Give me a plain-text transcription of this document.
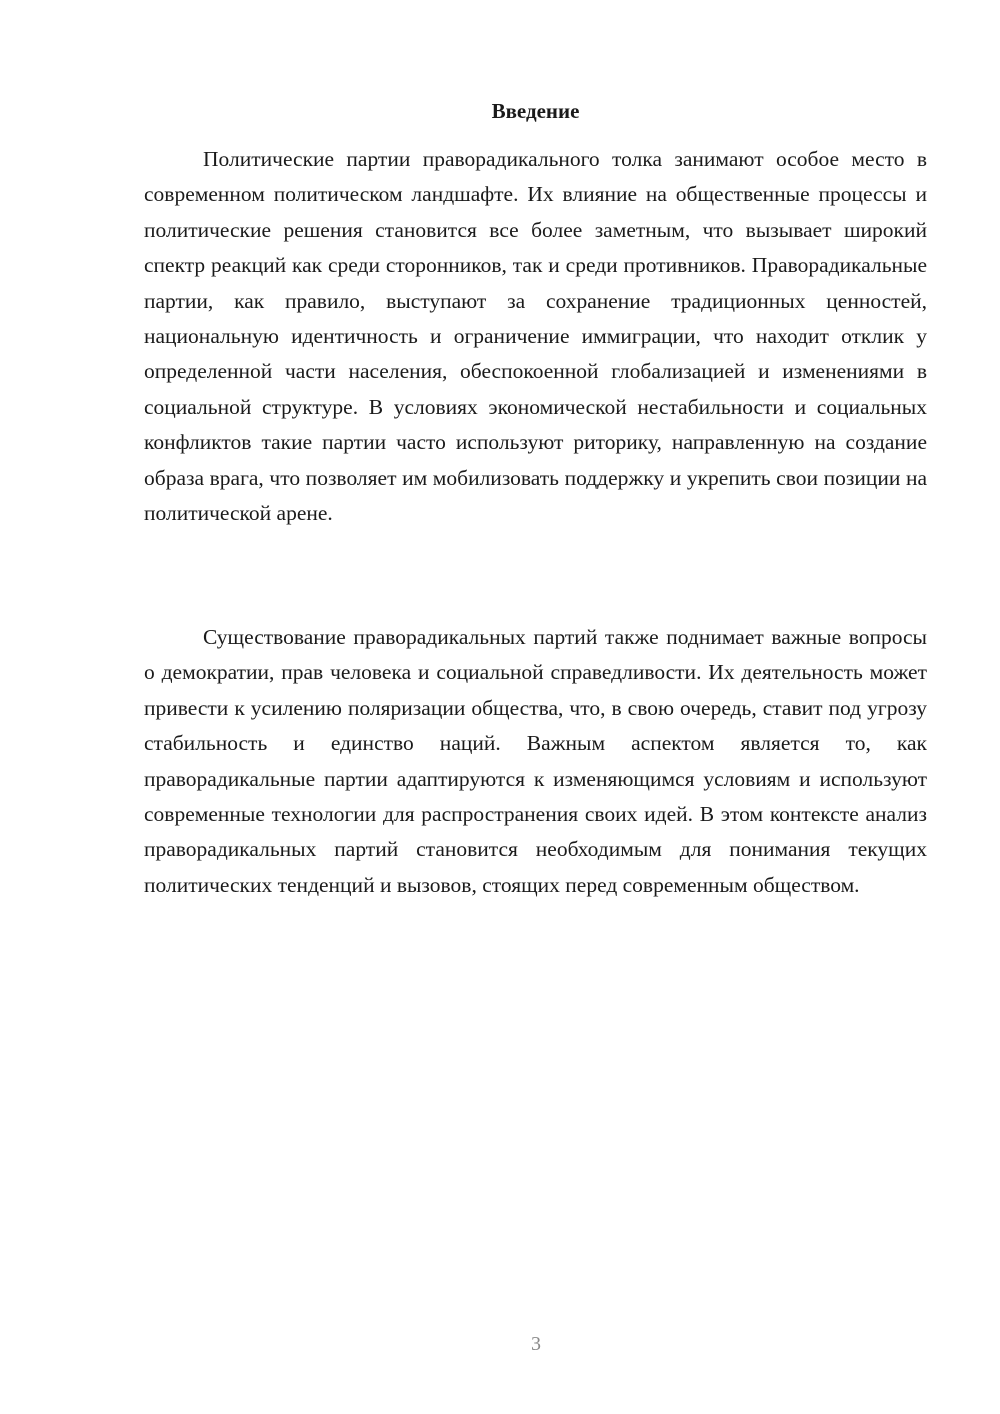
Введение

Политические партии праворадикального толка занимают особое место в современном политическом ландшафте. Их влияние на общественные процессы и политические решения становится все более заметным, что вызывает широкий спектр реакций как среди сторонников, так и среди противников. Праворадикальные партии, как правило, выступают за сохранение традиционных ценностей, национальную идентичность и ограничение иммиграции, что находит отклик у определенной части населения, обеспокоенной глобализацией и изменениями в социальной структуре. В условиях экономической нестабильности и социальных конфликтов такие партии часто используют риторику, направленную на создание образа врага, что позволяет им мобилизовать поддержку и укрепить свои позиции на политической арене.

Существование праворадикальных партий также поднимает важные вопросы о демократии, прав человека и социальной справедливости. Их деятельность может привести к усилению поляризации общества, что, в свою очередь, ставит под угрозу стабильность и единство наций. Важным аспектом является то, как праворадикальные партии адаптируются к изменяющимся условиям и используют современные технологии для распространения своих идей. В этом контексте анализ праворадикальных партий становится необходимым для понимания текущих политических тенденций и вызовов, стоящих перед современным обществом.

3
